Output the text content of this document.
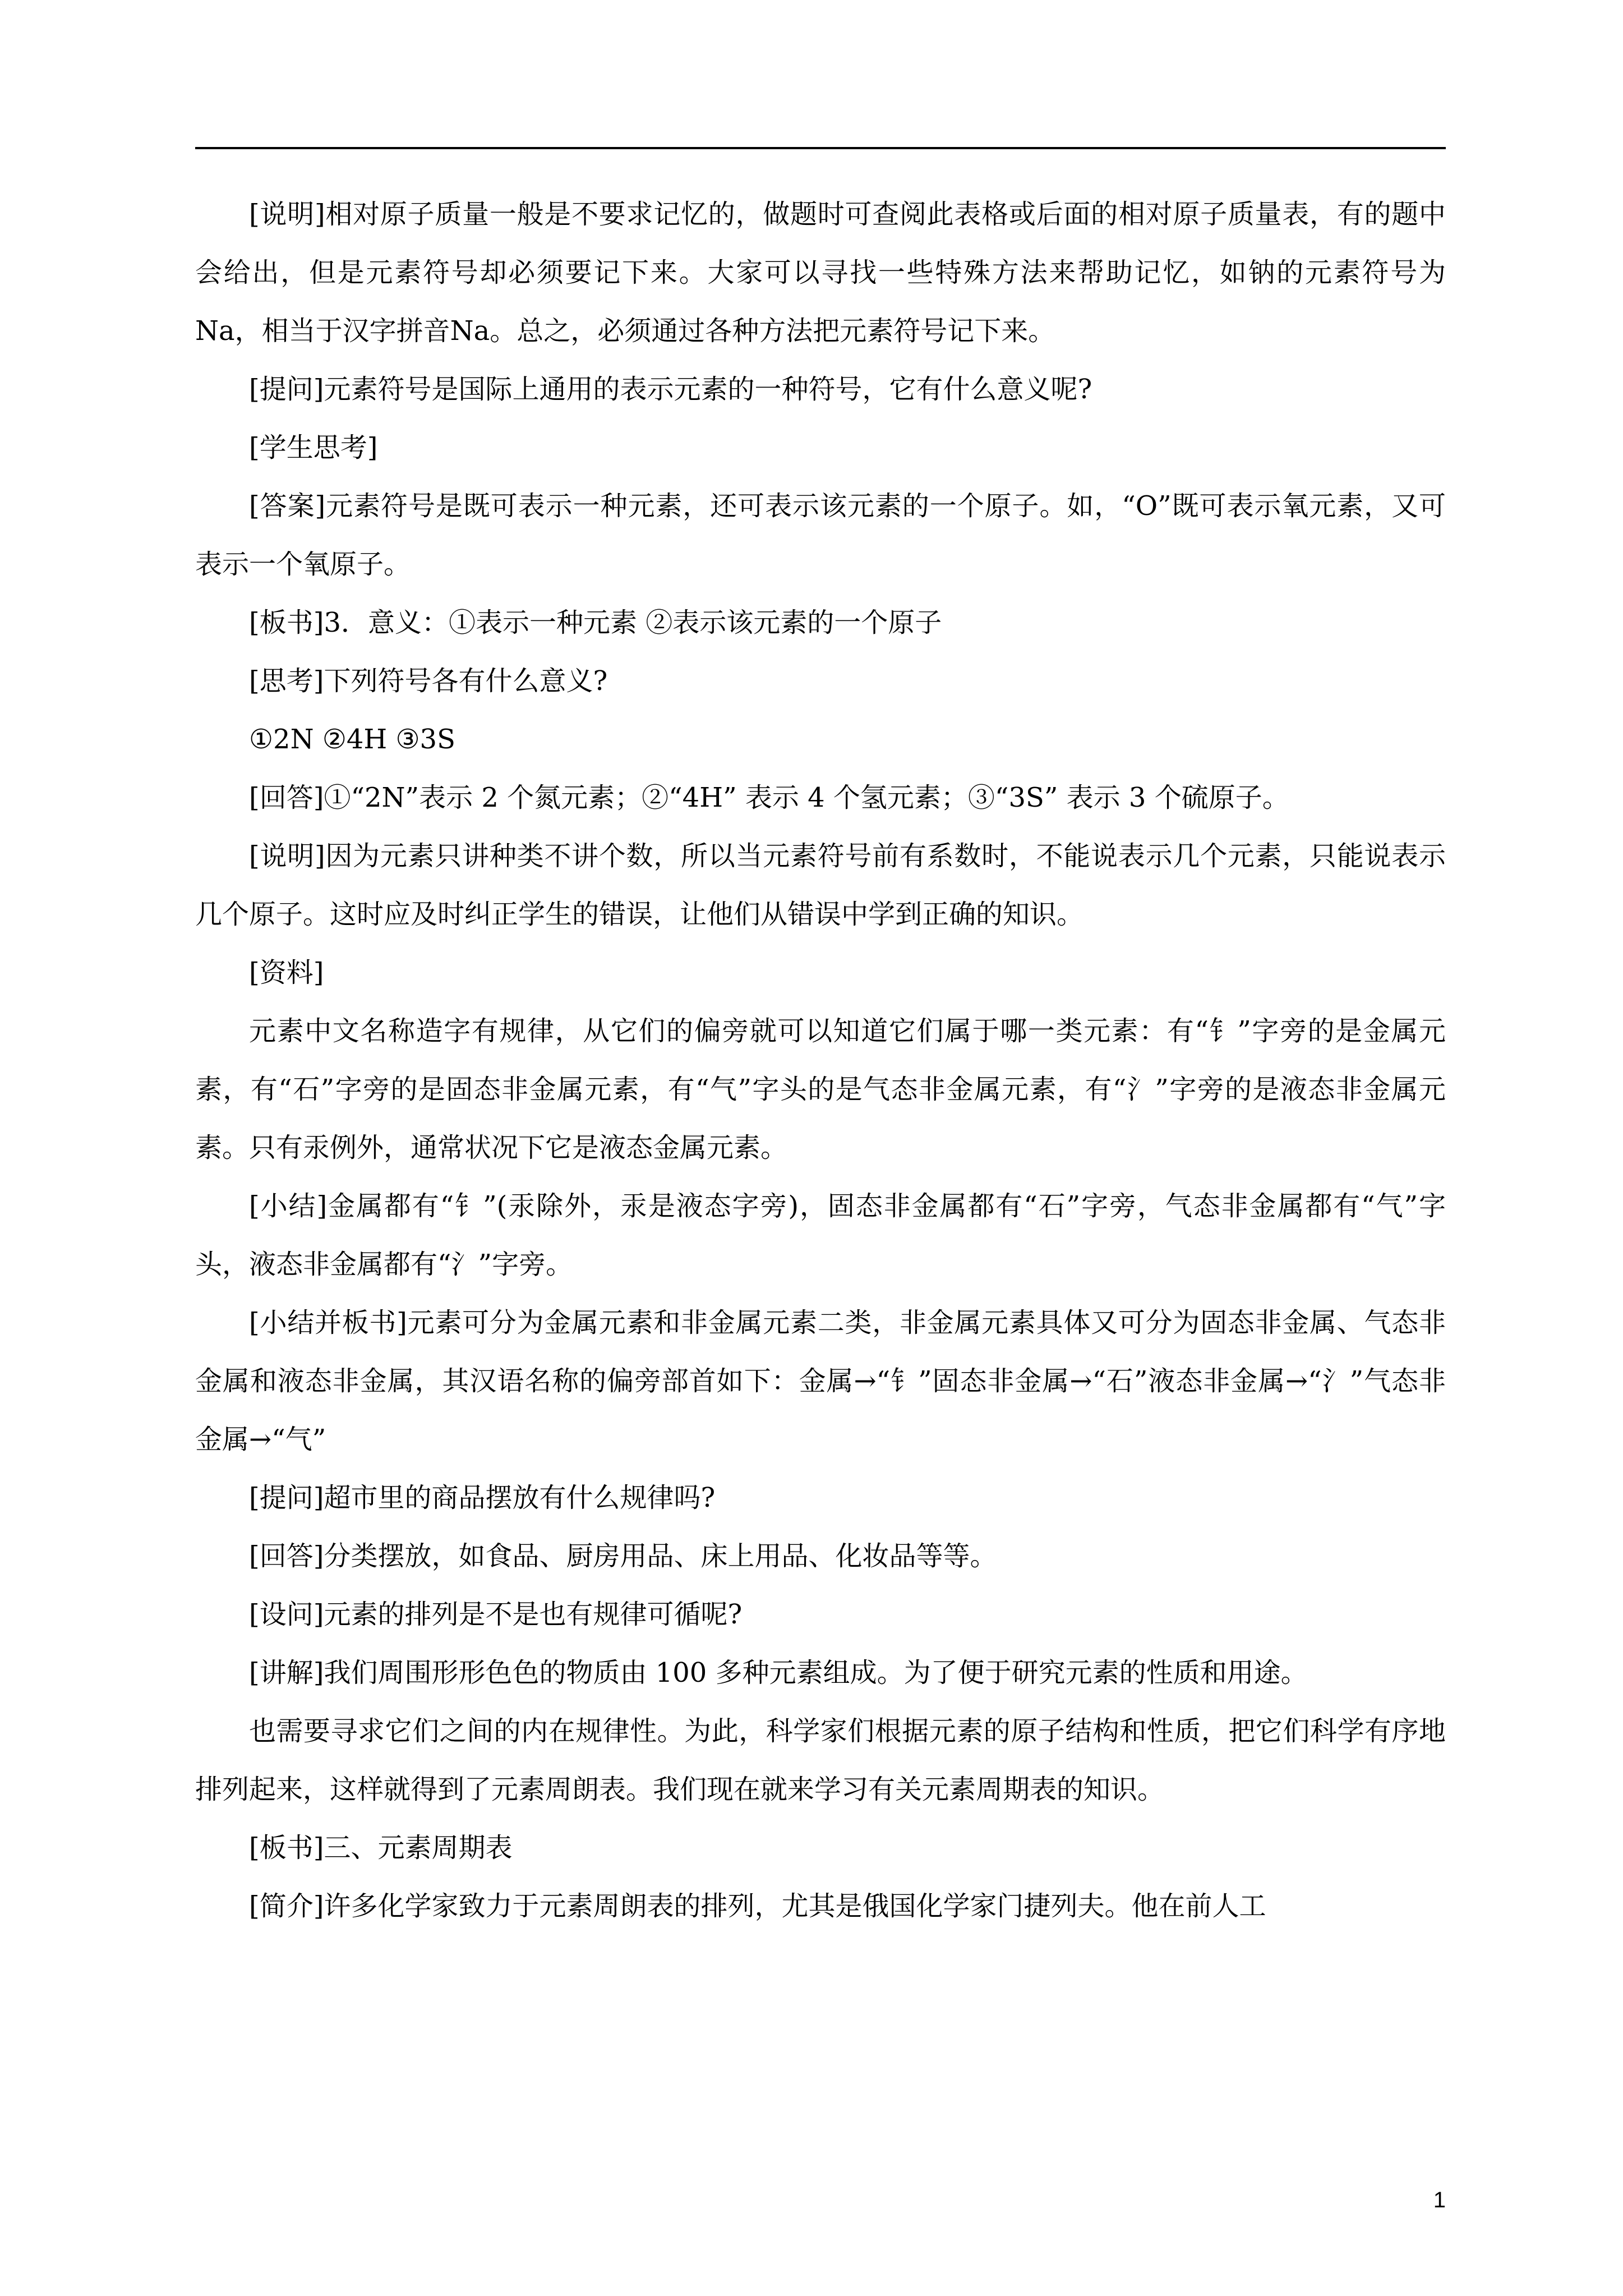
[说明]相对原子质量一般是不要求记忆的，做题时可查阅此表格或后面的相对原子质量表，有的题中会给出，但是元素符号却必须要记下来。大家可以寻找一些特殊方法来帮助记忆，如钠的元素符号为Na，相当于汉字拼音Na。总之，必须通过各种方法把元素符号记下来。

[提问]元素符号是国际上通用的表示元素的一种符号，它有什么意义呢?

[学生思考]

[答案]元素符号是既可表示一种元素，还可表示该元素的一个原子。如，“O”既可表示氧元素，又可表示一个氧原子。

[板书]3．意义：①表示一种元素 ②表示该元素的一个原子

[思考]下列符号各有什么意义?

①2N ②4H ③3S

[回答]①“2N”表示 2 个氮元素；②“4H” 表示 4 个氢元素；③“3S” 表示 3 个硫原子。

[说明]因为元素只讲种类不讲个数，所以当元素符号前有系数时，不能说表示几个元素，只能说表示几个原子。这时应及时纠正学生的错误，让他们从错误中学到正确的知识。

[资料]

元素中文名称造字有规律，从它们的偏旁就可以知道它们属于哪一类元素：有“钅”字旁的是金属元素，有“石”字旁的是固态非金属元素，有“气”字头的是气态非金属元素，有“氵”字旁的是液态非金属元素。只有汞例外，通常状况下它是液态金属元素。

[小结]金属都有“钅”(汞除外，汞是液态字旁)，固态非金属都有“石”字旁，气态非金属都有“气”字头，液态非金属都有“氵”字旁。

[小结并板书]元素可分为金属元素和非金属元素二类，非金属元素具体又可分为固态非金属、气态非金属和液态非金属，其汉语名称的偏旁部首如下：金属→“钅”固态非金属→“石”液态非金属→“氵”气态非金属→“气”

[提问]超市里的商品摆放有什么规律吗?

[回答]分类摆放，如食品、厨房用品、床上用品、化妆品等等。

[设问]元素的排列是不是也有规律可循呢?

[讲解]我们周围形形色色的物质由 100 多种元素组成。为了便于研究元素的性质和用途。

也需要寻求它们之间的内在规律性。为此，科学家们根据元素的原子结构和性质，把它们科学有序地排列起来，这样就得到了元素周朗表。我们现在就来学习有关元素周期表的知识。

[板书]三、元素周期表

[简介]许多化学家致力于元素周朗表的排列，尤其是俄国化学家门捷列夫。他在前人工

1
